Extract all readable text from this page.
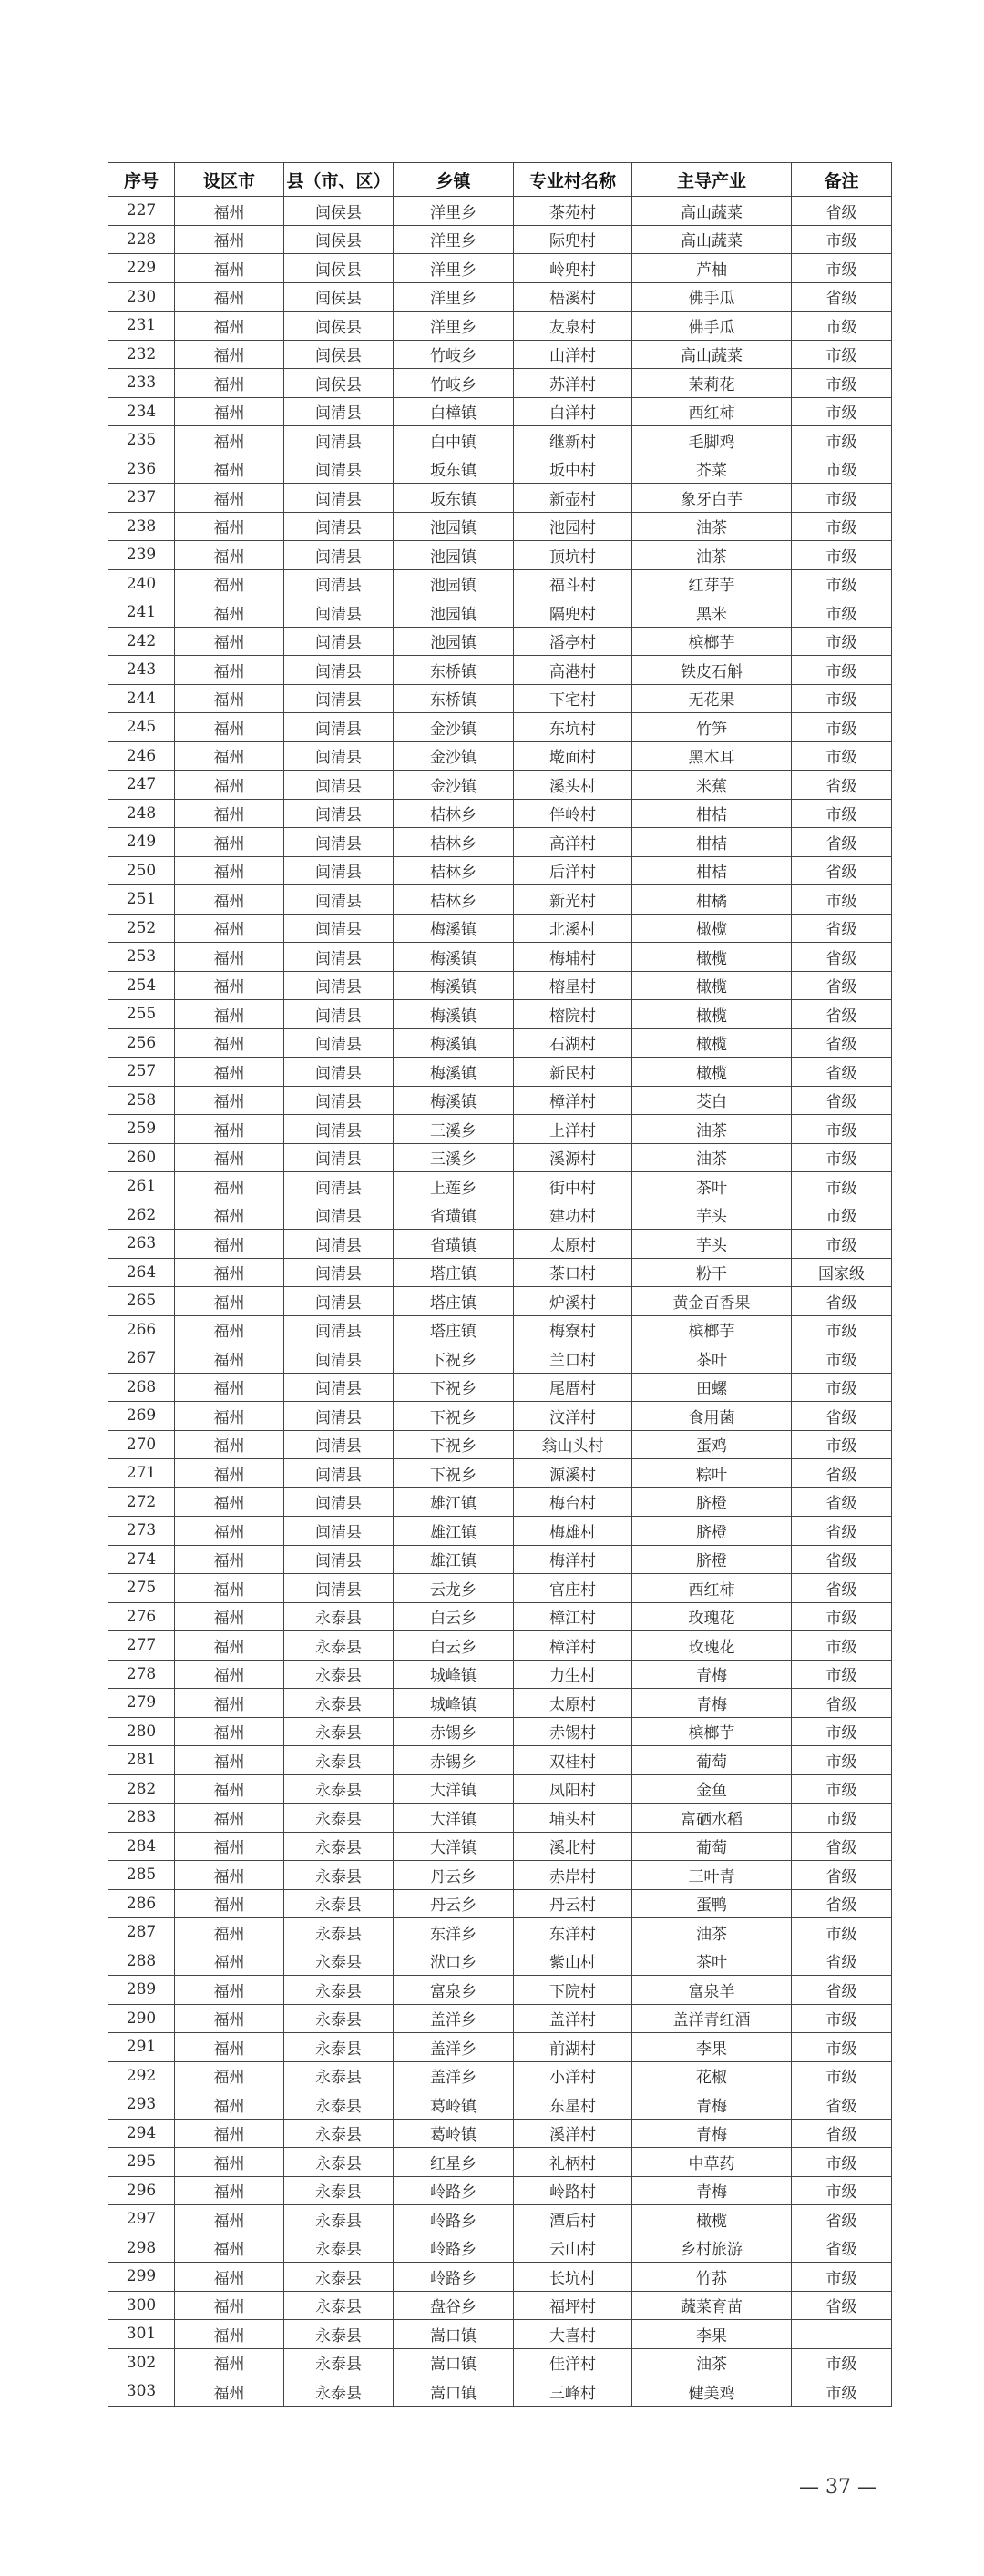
序号	设区市	县（市、区）	乡镇	专业村名称	主导产业	备注
227	福州	闽侯县	洋里乡	茶苑村	高山蔬菜	省级
228	福州	闽侯县	洋里乡	际兜村	高山蔬菜	市级
229	福州	闽侯县	洋里乡	岭兜村	芦柚	市级
230	福州	闽侯县	洋里乡	梧溪村	佛手瓜	省级
231	福州	闽侯县	洋里乡	友泉村	佛手瓜	市级
232	福州	闽侯县	竹岐乡	山洋村	高山蔬菜	市级
233	福州	闽侯县	竹岐乡	苏洋村	茉莉花	市级
234	福州	闽清县	白樟镇	白洋村	西红柿	市级
235	福州	闽清县	白中镇	继新村	毛脚鸡	市级
236	福州	闽清县	坂东镇	坂中村	芥菜	市级
237	福州	闽清县	坂东镇	新壶村	象牙白芋	市级
238	福州	闽清县	池园镇	池园村	油茶	市级
239	福州	闽清县	池园镇	顶坑村	油茶	市级
240	福州	闽清县	池园镇	福斗村	红芽芋	市级
241	福州	闽清县	池园镇	隔兜村	黑米	市级
242	福州	闽清县	池园镇	潘亭村	槟榔芋	市级
243	福州	闽清县	东桥镇	高港村	铁皮石斛	市级
244	福州	闽清县	东桥镇	下宅村	无花果	市级
245	福州	闽清县	金沙镇	东坑村	竹笋	市级
246	福州	闽清县	金沙镇	墘面村	黑木耳	市级
247	福州	闽清县	金沙镇	溪头村	米蕉	省级
248	福州	闽清县	桔林乡	伴岭村	柑桔	市级
249	福州	闽清县	桔林乡	高洋村	柑桔	省级
250	福州	闽清县	桔林乡	后洋村	柑桔	省级
251	福州	闽清县	桔林乡	新光村	柑橘	市级
252	福州	闽清县	梅溪镇	北溪村	橄榄	省级
253	福州	闽清县	梅溪镇	梅埔村	橄榄	省级
254	福州	闽清县	梅溪镇	榕星村	橄榄	省级
255	福州	闽清县	梅溪镇	榕院村	橄榄	省级
256	福州	闽清县	梅溪镇	石湖村	橄榄	省级
257	福州	闽清县	梅溪镇	新民村	橄榄	省级
258	福州	闽清县	梅溪镇	樟洋村	茭白	省级
259	福州	闽清县	三溪乡	上洋村	油茶	市级
260	福州	闽清县	三溪乡	溪源村	油茶	市级
261	福州	闽清县	上莲乡	街中村	茶叶	市级
262	福州	闽清县	省璜镇	建功村	芋头	市级
263	福州	闽清县	省璜镇	太原村	芋头	市级
264	福州	闽清县	塔庄镇	茶口村	粉干	国家级
265	福州	闽清县	塔庄镇	炉溪村	黄金百香果	省级
266	福州	闽清县	塔庄镇	梅寮村	槟榔芋	市级
267	福州	闽清县	下祝乡	兰口村	茶叶	市级
268	福州	闽清县	下祝乡	尾厝村	田螺	市级
269	福州	闽清县	下祝乡	汶洋村	食用菌	省级
270	福州	闽清县	下祝乡	翁山头村	蛋鸡	市级
271	福州	闽清县	下祝乡	源溪村	粽叶	省级
272	福州	闽清县	雄江镇	梅台村	脐橙	省级
273	福州	闽清县	雄江镇	梅雄村	脐橙	省级
274	福州	闽清县	雄江镇	梅洋村	脐橙	省级
275	福州	闽清县	云龙乡	官庄村	西红柿	省级
276	福州	永泰县	白云乡	樟江村	玫瑰花	市级
277	福州	永泰县	白云乡	樟洋村	玫瑰花	市级
278	福州	永泰县	城峰镇	力生村	青梅	市级
279	福州	永泰县	城峰镇	太原村	青梅	省级
280	福州	永泰县	赤锡乡	赤锡村	槟榔芋	市级
281	福州	永泰县	赤锡乡	双桂村	葡萄	市级
282	福州	永泰县	大洋镇	凤阳村	金鱼	市级
283	福州	永泰县	大洋镇	埔头村	富硒水稻	市级
284	福州	永泰县	大洋镇	溪北村	葡萄	省级
285	福州	永泰县	丹云乡	赤岸村	三叶青	省级
286	福州	永泰县	丹云乡	丹云村	蛋鸭	省级
287	福州	永泰县	东洋乡	东洋村	油茶	市级
288	福州	永泰县	洑口乡	紫山村	茶叶	省级
289	福州	永泰县	富泉乡	下院村	富泉羊	省级
290	福州	永泰县	盖洋乡	盖洋村	盖洋青红酒	市级
291	福州	永泰县	盖洋乡	前湖村	李果	市级
292	福州	永泰县	盖洋乡	小洋村	花椒	市级
293	福州	永泰县	葛岭镇	东星村	青梅	省级
294	福州	永泰县	葛岭镇	溪洋村	青梅	省级
295	福州	永泰县	红星乡	礼柄村	中草药	市级
296	福州	永泰县	岭路乡	岭路村	青梅	市级
297	福州	永泰县	岭路乡	潭后村	橄榄	省级
298	福州	永泰县	岭路乡	云山村	乡村旅游	省级
299	福州	永泰县	岭路乡	长坑村	竹荪	市级
300	福州	永泰县	盘谷乡	福坪村	蔬菜育苗	省级
301	福州	永泰县	嵩口镇	大喜村	李果	
302	福州	永泰县	嵩口镇	佳洋村	油茶	市级
303	福州	永泰县	嵩口镇	三峰村	健美鸡	市级
— 37 —
